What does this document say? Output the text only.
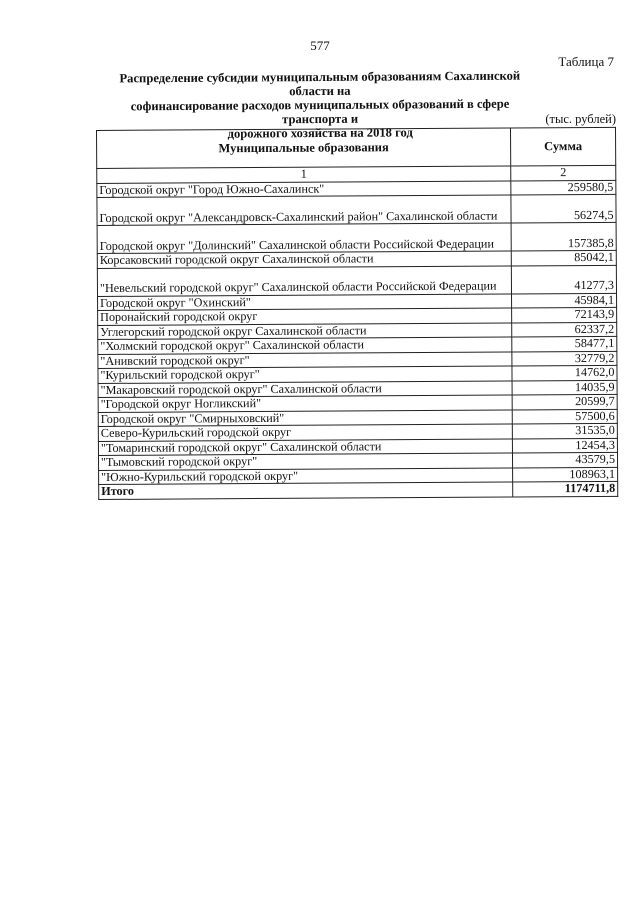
577
Таблица 7
Распределение субсидии муниципальным образованиям Сахалинской области на
софинансирование расходов муниципальных образований в сфере транспорта и
дорожного хозяйства на 2018 год
(тыс. рублей)
Муниципальные образования	Сумма
1	2
Городской округ "Город Южно-Сахалинск"	259580,5
Городской округ "Александровск-Сахалинский район" Сахалинской области	56274,5
Городской округ "Долинский" Сахалинской области Российской Федерации	157385,8
Корсаковский городской округ Сахалинской области	85042,1
"Невельский городской округ" Сахалинской области Российской Федерации	41277,3
Городской округ "Охинский"	45984,1
Поронайский городской округ	72143,9
Углегорский городской округ Сахалинской области	62337,2
"Холмский городской округ" Сахалинской области	58477,1
"Анивский городской округ"	32779,2
"Курильский городской округ"	14762,0
"Макаровский городской округ" Сахалинской области	14035,9
"Городской округ Ногликский"	20599,7
Городской округ "Смирныховский"	57500,6
Северо-Курильский городской округ	31535,0
"Томаринский городской округ" Сахалинской области	12454,3
"Тымовский городской округ"	43579,5
"Южно-Курильский городской округ"	108963,1
Итого	1174711,8
